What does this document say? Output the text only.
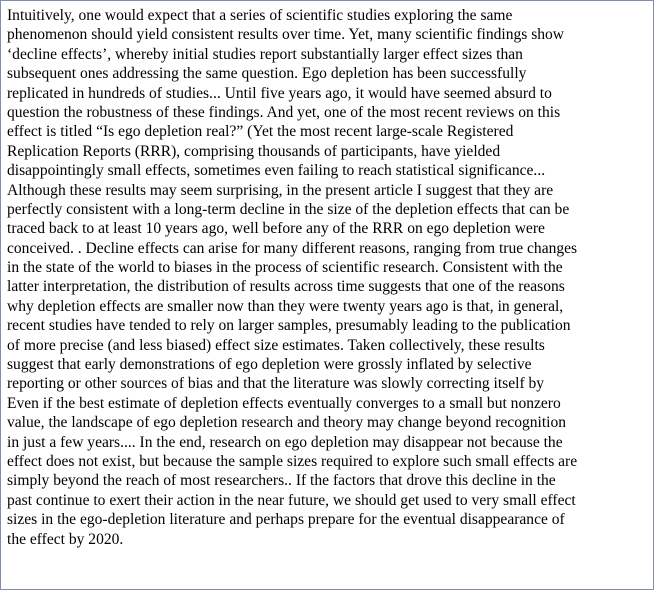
Intuitively, one would expect that a series of scientific studies exploring the same
phenomenon should yield consistent results over time. Yet, many scientific findings show
‘decline effects’, whereby initial studies report substantially larger effect sizes than
subsequent ones addressing the same question. Ego depletion has been successfully
replicated in hundreds of studies... Until five years ago, it would have seemed absurd to
question the robustness of these findings. And yet, one of the most recent reviews on this
effect is titled “Is ego depletion real?” (Yet the most recent large-scale Registered
Replication Reports (RRR), comprising thousands of participants, have yielded
disappointingly small effects, sometimes even failing to reach statistical significance...
Although these results may seem surprising, in the present article I suggest that they are
perfectly consistent with a long-term decline in the size of the depletion effects that can be
traced back to at least 10 years ago, well before any of the RRR on ego depletion were
conceived. . Decline effects can arise for many different reasons, ranging from true changes
in the state of the world to biases in the process of scientific research. Consistent with the
latter interpretation, the distribution of results across time suggests that one of the reasons
why depletion effects are smaller now than they were twenty years ago is that, in general,
recent studies have tended to rely on larger samples, presumably leading to the publication
of more precise (and less biased) effect size estimates. Taken collectively, these results
suggest that early demonstrations of ego depletion were grossly inflated by selective
reporting or other sources of bias and that the literature was slowly correcting itself by
Even if the best estimate of depletion effects eventually converges to a small but nonzero
value, the landscape of ego depletion research and theory may change beyond recognition
in just a few years.... In the end, research on ego depletion may disappear not because the
effect does not exist, but because the sample sizes required to explore such small effects are
simply beyond the reach of most researchers.. If the factors that drove this decline in the
past continue to exert their action in the near future, we should get used to very small effect
sizes in the ego-depletion literature and perhaps prepare for the eventual disappearance of
the effect by 2020.
